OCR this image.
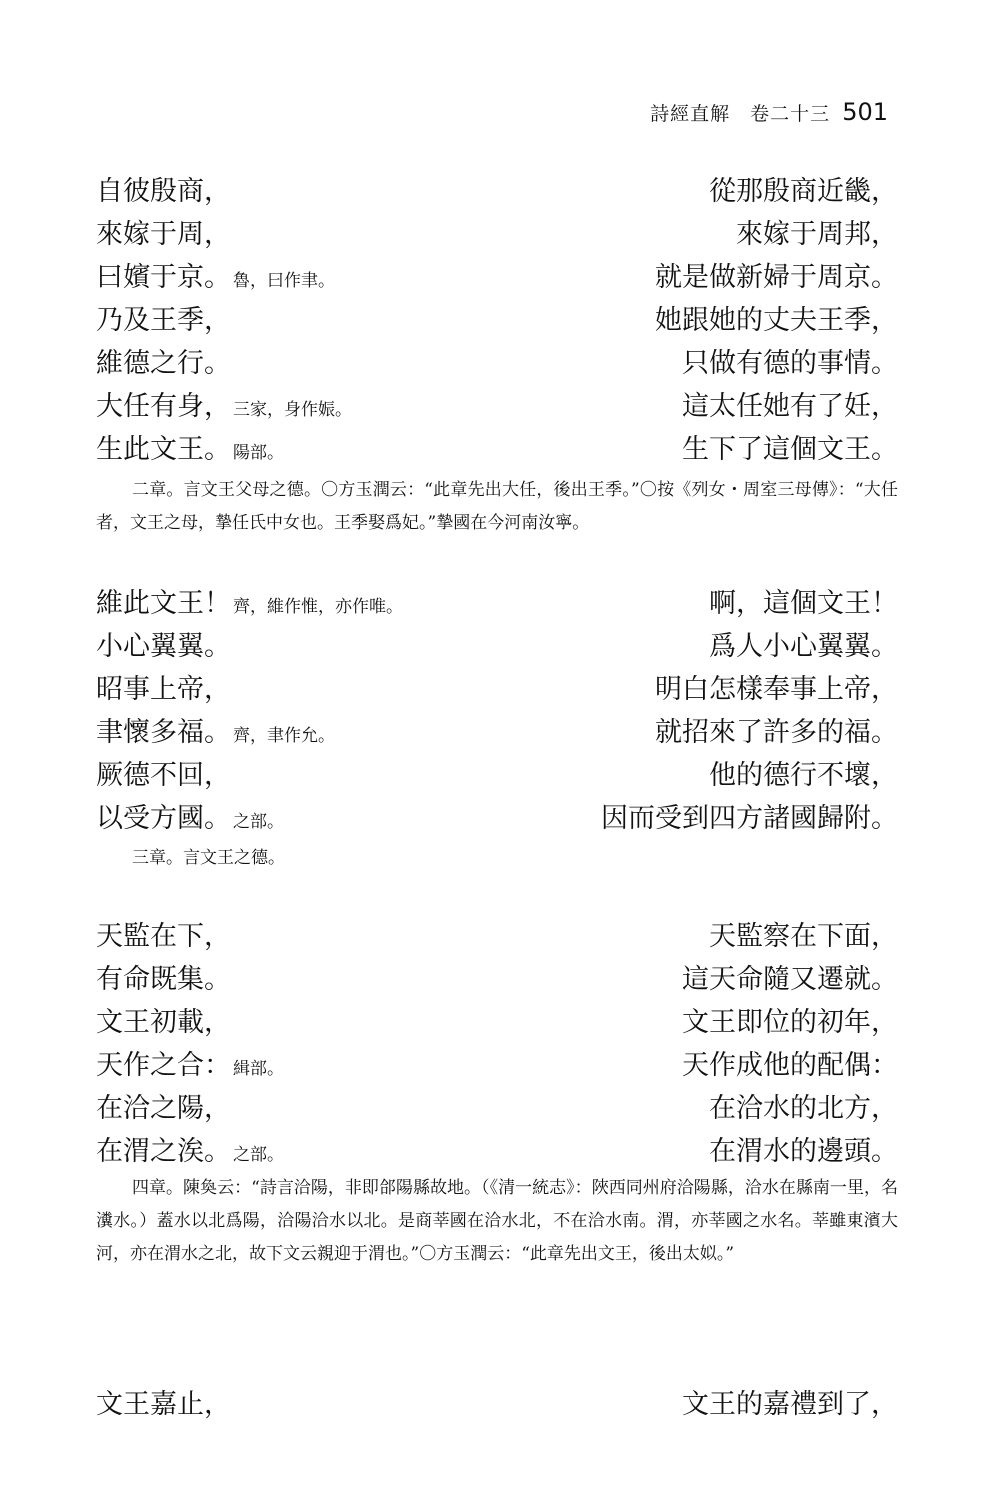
詩經直解　卷二十三 501
自彼殷商，	從那殷商近畿，
來嫁于周，	來嫁于周邦，
曰嬪于京。 魯，曰作聿。	就是做新婦于周京。
乃及王季，	她跟她的丈夫王季，
維德之行。	只做有德的事情。
大任有身， 三家，身作娠。	這太任她有了妊，
生此文王。 陽部。	生下了這個文王。
二章。言文王父母之德。〇方玉潤云：“此章先出大任，後出王季。”〇按《列女・周室三母傳》：“大任者，文王之母，摯任氏中女也。王季娶爲妃。”摯國在今河南汝寧。
維此文王！ 齊，維作惟，亦作唯。	啊，這個文王！
小心翼翼。	爲人小心翼翼。
昭事上帝，	明白怎樣奉事上帝，
聿懷多福。 齊，聿作允。	就招來了許多的福。
厥德不回，	他的德行不壞，
以受方國。 之部。	因而受到四方諸國歸附。
三章。言文王之德。
天監在下，	天監察在下面，
有命既集。	這天命隨又遷就。
文王初載，	文王即位的初年，
天作之合： 緝部。	天作成他的配偶：
在洽之陽，	在洽水的北方，
在渭之涘。 之部。	在渭水的邊頭。
四章。陳奐云：“詩言洽陽，非即郃陽縣故地。（《清一統志》：陜西同州府洽陽縣，洽水在縣南一里，名瀵水。）蓋水以北爲陽，洽陽洽水以北。是商莘國在洽水北，不在洽水南。渭，亦莘國之水名。莘雖東濱大河，亦在渭水之北，故下文云親迎于渭也。”〇方玉潤云：“此章先出文王，後出太姒。”
文王嘉止，	文王的嘉禮到了，
